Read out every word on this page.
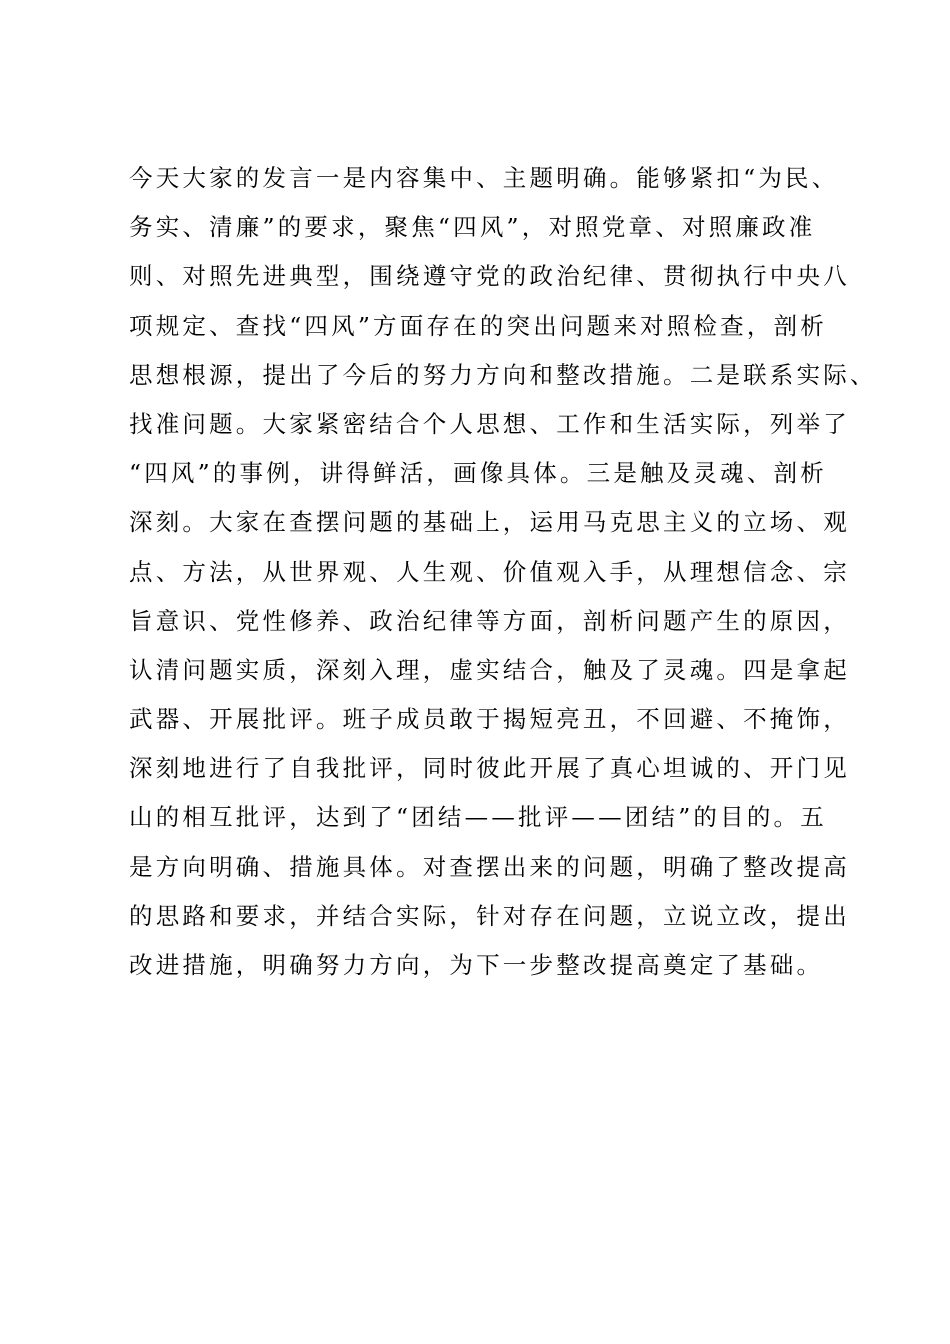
今天大家的发言一是内容集中、主题明确。能够紧扣“为民、
务实、清廉”的要求，聚焦“四风”，对照党章、对照廉政准
则、对照先进典型，围绕遵守党的政治纪律、贯彻执行中央八
项规定、查找“四风”方面存在的突出问题来对照检查，剖析
思想根源，提出了今后的努力方向和整改措施。二是联系实际、
找准问题。大家紧密结合个人思想、工作和生活实际，列举了
“四风”的事例，讲得鲜活，画像具体。三是触及灵魂、剖析
深刻。大家在查摆问题的基础上，运用马克思主义的立场、观
点、方法，从世界观、人生观、价值观入手，从理想信念、宗
旨意识、党性修养、政治纪律等方面，剖析问题产生的原因，
认清问题实质，深刻入理，虚实结合，触及了灵魂。四是拿起
武器、开展批评。班子成员敢于揭短亮丑，不回避、不掩饰，
深刻地进行了自我批评，同时彼此开展了真心坦诚的、开门见
山的相互批评，达到了“团结——批评——团结”的目的。五
是方向明确、措施具体。对查摆出来的问题，明确了整改提高
的思路和要求，并结合实际，针对存在问题，立说立改，提出
改进措施，明确努力方向，为下一步整改提高奠定了基础。
